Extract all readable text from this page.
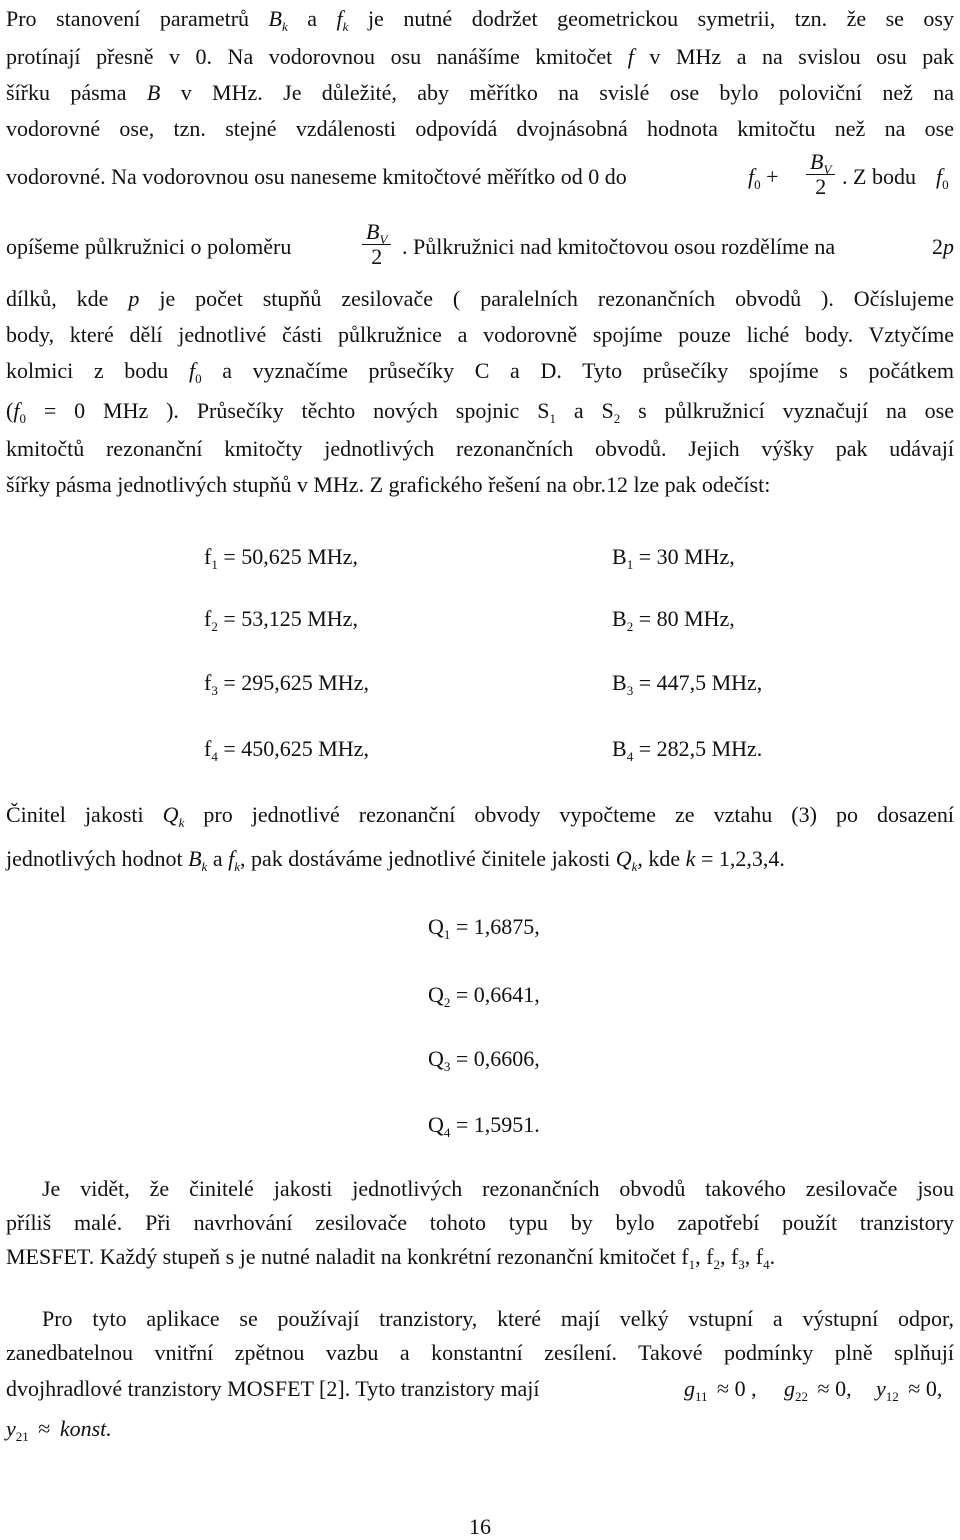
Pro stanovení parametrů $B_k$ a $f_k$ je nutné dodržet geometrickou symetrii, tzn. že se osy
protínají přesně v 0. Na vodorovnou osu nanášíme kmitočet f v MHz a na svislou osu pak
šířku pásma B v MHz. Je důležité, aby měřítko na svislé ose bylo poloviční než na
vodorovné ose, tzn. stejné vzdálenosti odpovídá dvojnásobná hodnota kmitočtu než na ose
vodorovné. Na vodorovnou osu naneseme kmitočtové měřítko od 0 do	$f_0 + \frac{B_V}{2}$ . Z bodu $f_0$
opíšeme půlkružnici o poloměru	$\frac{B_V}{2}$ . Půlkružnici nad kmitočtovou osou rozdělíme na	2p
dílků, kde p je počet stupňů zesilovače ( paralelních rezonančních obvodů ). Očíslujeme
body, které dělí jednotlivé části půlkružnice a vodorovně spojíme pouze liché body. Vztyčíme
kolmici z bodu $f_0$ a vyznačíme průsečíky C a D. Tyto průsečíky spojíme s počátkem
($f_0 = 0$ MHz ). Průsečíky těchto nových spojnic $S_1$ a $S_2$ s půlkružnicí vyznačují na ose
kmitočtů rezonanční kmitočty jednotlivých rezonančních obvodů. Jejich výšky pak udávají
šířky pásma jednotlivých stupňů v MHz. Z grafického řešení na obr.12 lze pak odečíst:
$f_1 = 50,625$ MHz,	$B_1 = 30$ MHz,
$f_2 = 53,125$ MHz,	$B_2 = 80$ MHz,
$f_3 = 295,625$ MHz,	$B_3 = 447,5$ MHz,
$f_4 = 450,625$ MHz,	$B_4 = 282,5$ MHz.
Činitel jakosti $Q_k$ pro jednotlivé rezonanční obvody vypočteme ze vztahu (3) po dosazení
jednotlivých hodnot $B_k$ a $f_k$, pak dostáváme jednotlivé činitele jakosti $Q_k$, kde k = 1,2,3,4.
$Q_1 = 1,6875$,
$Q_2 = 0,6641$,
$Q_3 = 0,6606$,
$Q_4 = 1,5951$.
Je vidět, že činitelé jakosti jednotlivých rezonančních obvodů takového zesilovače jsou
příliš malé. Při navrhování zesilovače tohoto typu by bylo zapotřebí použít tranzistory
MESFET. Každý stupeň s je nutné naladit na konkrétní rezonanční kmitočet $f_1$, $f_2$, $f_3$, $f_4$.
Pro tyto aplikace se používají tranzistory, které mají velký vstupní a výstupní odpor,
zanedbatelnou vnitřní zpětnou vazbu a konstantní zesílení. Takové podmínky plně splňují
dvojhradlové tranzistory MOSFET [2]. Tyto tranzistory mají	$g_{11} \approx 0$ , $g_{22} \approx 0$, $y_{12} \approx 0$,
$y_{21}$ ≈ konst.
16
